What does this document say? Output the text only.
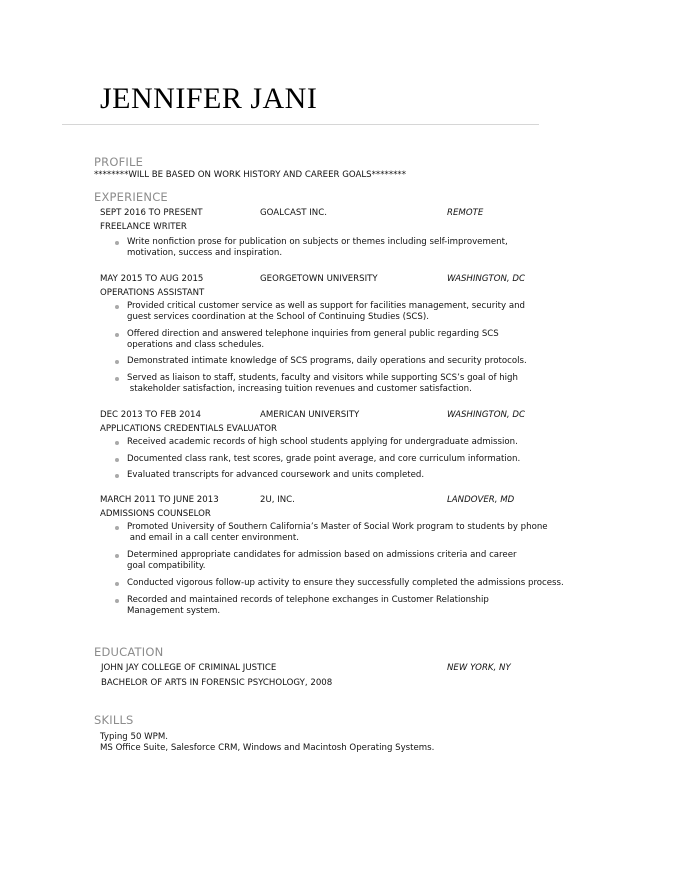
JENNIFER JANI
PROFILE
********WILL BE BASED ON WORK HISTORY AND CAREER GOALS********
EXPERIENCE
SEPT 2016 TO PRESENT	GOALCAST INC.	REMOTE
FREELANCE WRITER
Write nonfiction prose for publication on subjects or themes including self-improvement,
motivation, success and inspiration.
MAY 2015 TO AUG 2015	GEORGETOWN UNIVERSITY	WASHINGTON, DC
OPERATIONS ASSISTANT
Provided critical customer service as well as support for facilities management, security and
guest services coordination at the School of Continuing Studies (SCS).
Offered direction and answered telephone inquiries from general public regarding SCS
operations and class schedules.
Demonstrated intimate knowledge of SCS programs, daily operations and security protocols.
Served as liaison to staff, students, faculty and visitors while supporting SCS’s goal of high
stakeholder satisfaction, increasing tuition revenues and customer satisfaction.
DEC 2013 TO FEB 2014	AMERICAN UNIVERSITY	WASHINGTON, DC
APPLICATIONS CREDENTIALS EVALUATOR
Received academic records of high school students applying for undergraduate admission.
Documented class rank, test scores, grade point average, and core curriculum information.
Evaluated transcripts for advanced coursework and units completed.
MARCH 2011 TO JUNE 2013	2U, INC.	LANDOVER, MD
ADMISSIONS COUNSELOR
Promoted University of Southern California’s Master of Social Work program to students by phone
and email in a call center environment.
Determined appropriate candidates for admission based on admissions criteria and career
goal compatibility.
Conducted vigorous follow-up activity to ensure they successfully completed the admissions process.
Recorded and maintained records of telephone exchanges in Customer Relationship
Management system.
EDUCATION
JOHN JAY COLLEGE OF CRIMINAL JUSTICE	NEW YORK, NY
BACHELOR OF ARTS IN FORENSIC PSYCHOLOGY, 2008
SKILLS
Typing 50 WPM.
MS Office Suite, Salesforce CRM, Windows and Macintosh Operating Systems.
